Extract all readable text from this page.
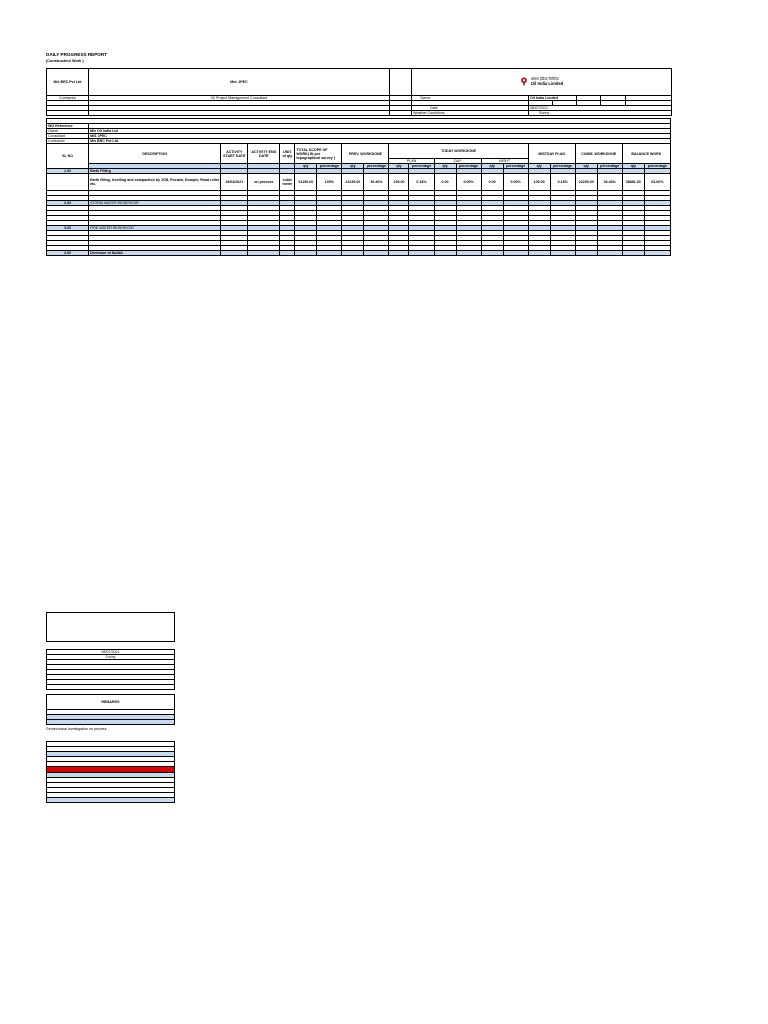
DAILY PROGRESS REPORT
(Construction Work )
M/s BRC Pvt Ltd	Mec JPEC		ऑयल इंडिया लिमिटेड
Oil India Limited					

Contractor	Oil Project Management Consultant		Owner	Oil India Limited				

			Date	08/07/2021				
			Weather Conditions	Sunny				

WO Reference																				
Owner	M/s Oil India Ltd																			
Consultant	M/S JPEC																			
Contractor	M/s BRC Pvt Ltd																			
SL NO	DESCRIPTION	ACTIVITY START DATE	ACTIVITY END DATE	UNIT of qty	TOTAL SCOPE OF WORK( IN per topographical survey )		PREV. WORKDONE		TODAY WORKDONE						MISTDAY PLAN		CUMM. WORKDONE		BALANCE WORK	
									PLAN		DAY		NIGHT							
					qty	percentage	qty	percentage	qty	percentage	qty	percentage	qty	percentage	qty	percentage	qty	percentage	qty	percentage
1.00	Earth Filling																			
	Earth filling, levelling and compaction by JCB, Poclain, Dumper, Road roller etc.	19/04/2021	on process	cubic metre	61150.00	100%	22239.00	36.46%	109.00	0.18%	0.00	0.00%	0.00	0.00%	109.00	0.18%	22239.00	36.46%	38881.00	63.60%

2.00	STORM WATER RESERVOIR																			

3.00	FIRE WATER RESERVOIR																			

4.00	Diversion of Nullah																			
08/07/2021
Sunny

REMARKS

Geotechnical investigation on process
